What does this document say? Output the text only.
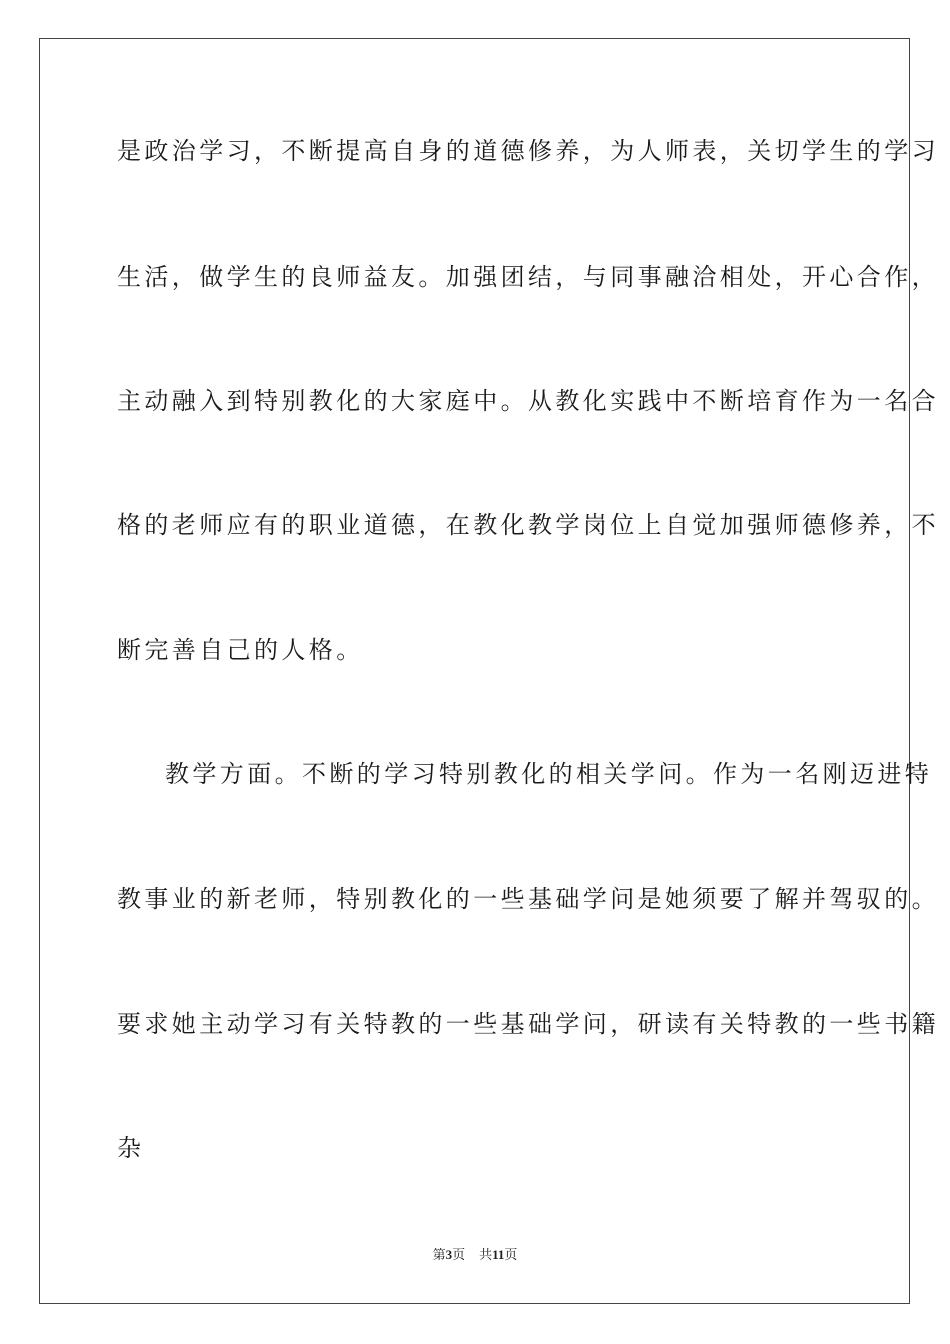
是政治学习，不断提高自身的道德修养，为人师表，关切学生的学习
生活，做学生的良师益友。加强团结，与同事融洽相处，开心合作，
主动融入到特别教化的大家庭中。从教化实践中不断培育作为一名合
格的老师应有的职业道德，在教化教学岗位上自觉加强师德修养，不
断完善自己的人格。
教学方面。不断的学习特别教化的相关学问。作为一名刚迈进特
教事业的新老师，特别教化的一些基础学问是她须要了解并驾驭的。
要求她主动学习有关特教的一些基础学问，研读有关特教的一些书籍
杂
第3页 共11页
